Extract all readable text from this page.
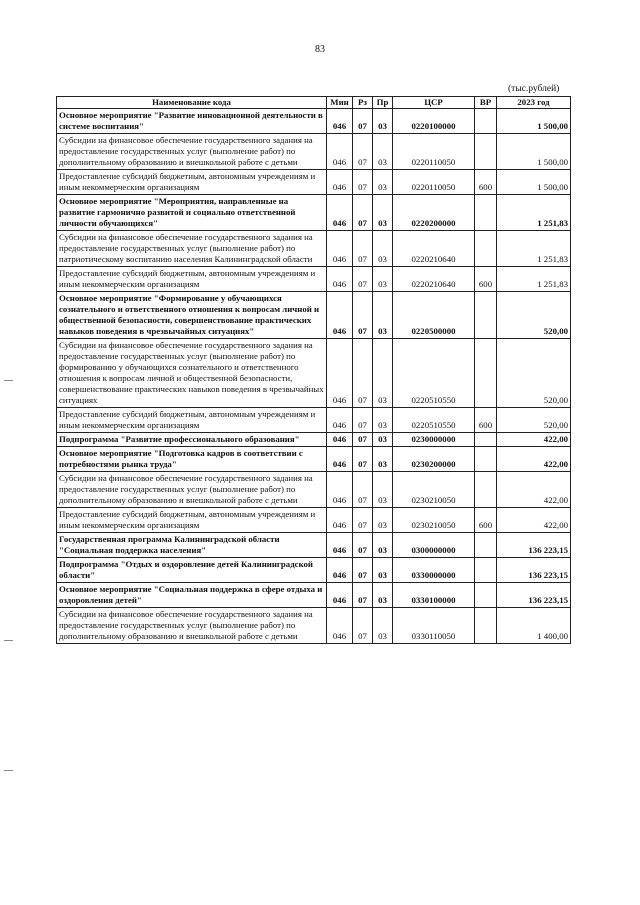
83
(тыс.рублей)
Наименование кода	Мин	Рз	Пр	ЦСР	ВР	2023 год
Основное мероприятие "Развитие инновационной деятельности в системе воспитания"	046	07	03	0220100000		1 500,00
Субсидии на финансовое обеспечение государственного задания на предоставление государственных услуг (выполнение работ) по дополнительному образованию и внешкольной работе с детьми	046	07	03	0220110050		1 500,00
Предоставление субсидий бюджетным, автономным учреждениям и иным некоммерческим организациям	046	07	03	0220110050	600	1 500,00
Основное мероприятие "Мероприятия, направленные на развитие гармонично развитой и социально ответственной личности обучающихся"	046	07	03	0220200000		1 251,83
Субсидии на финансовое обеспечение государственного задания на предоставление государственных услуг (выполнение работ) по патриотическому воспитанию населения Калининградской области	046	07	03	0220210640		1 251,83
Предоставление субсидий бюджетным, автономным учреждениям и иным некоммерческим организациям	046	07	03	0220210640	600	1 251,83
Основное мероприятие "Формирование у обучающихся сознательного и ответственного отношения к вопросам личной и общественной безопасности, совершенствование практических навыков поведения в чрезвычайных ситуациях"	046	07	03	0220500000		520,00
Субсидии на финансовое обеспечение государственного задания на предоставление государственных услуг (выполнение работ) по формированию у обучающихся сознательного и ответственного отношения к вопросам личной и общественной безопасности, совершенствование практических навыков поведения в чрезвычайных ситуациях	046	07	03	0220510550		520,00
Предоставление субсидий бюджетным, автономным учреждениям и иным некоммерческим организациям	046	07	03	0220510550	600	520,00
Подпрограмма "Развитие профессионального образования"	046	07	03	0230000000		422,00
Основное мероприятие "Подготовка кадров в соответствии с потребностями рынка труда"	046	07	03	0230200000		422,00
Субсидии на финансовое обеспечение государственного задания на предоставление государственных услуг (выполнение работ) по дополнительному образованию и внешкольной работе с детьми	046	07	03	0230210050		422,00
Предоставление субсидий бюджетным, автономным учреждениям и иным некоммерческим организациям	046	07	03	0230210050	600	422,00
Государственная программа Калининградской области "Социальная поддержка населения"	046	07	03	0300000000		136 223,15
Подпрограмма "Отдых и оздоровление детей Калининградской области"	046	07	03	0330000000		136 223,15
Основное мероприятие "Социальная поддержка в сфере отдыха и оздоровления детей"	046	07	03	0330100000		136 223,15
Субсидии на финансовое обеспечение государственного задания на предоставление государственных услуг (выполнение работ) по дополнительному образованию и внешкольной работе с детьми	046	07	03	0330110050		1 400,00
